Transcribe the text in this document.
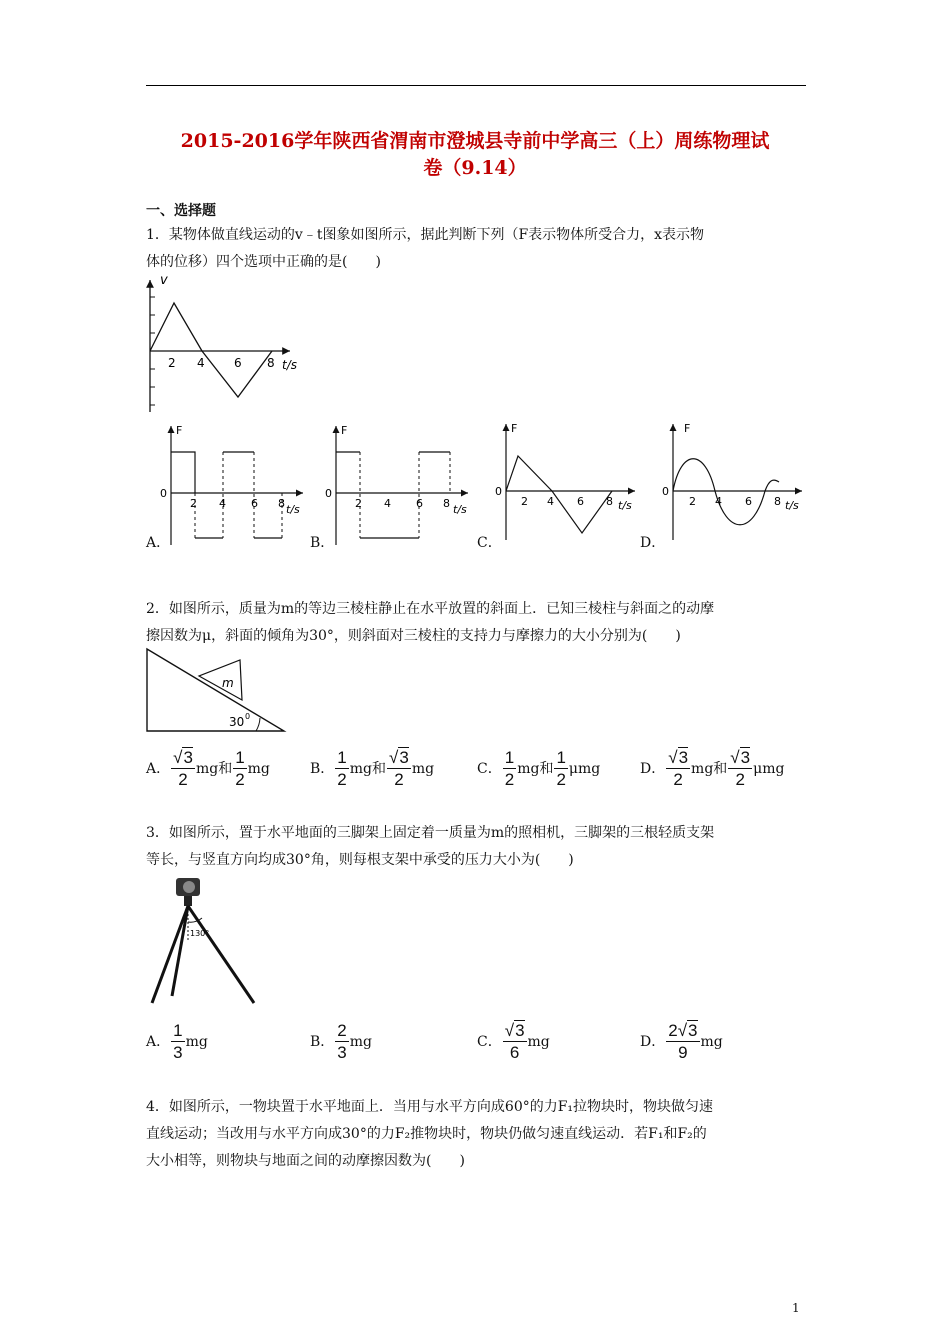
2015-2016学年陕西省渭南市澄城县寺前中学高三（上）周练物理试
卷（9.14）
一、选择题
1．某物体做直线运动的v﹣t图象如图所示，据此判断下列（F表示物体所受合力，x表示物
体的位移）四个选项中正确的是(　　)
v
2 4 6 8 t/s
A．
F
0
2 4 6 8 t/s
B．
F
0
2 4 6 8 t/s
C．
F
0
2 4 6 8 t/s
D．
F
0
2 4 6 8 t/s
2．如图所示，质量为m的等边三棱柱静止在水平放置的斜面上．已知三棱柱与斜面之的动摩
擦因数为μ，斜面的倾角为30°，则斜面对三棱柱的支持力与摩擦力的大小分别为(　　)
m
30 0
A． $\frac{√3}{2}$ mg和 $\frac{1}{2}$ mg	B． $\frac{1}{2}$ mg和 $\frac{√3}{2}$ mg	C． $\frac{1}{2}$ mg和 $\frac{1}{2}$ μmg	D． $\frac{√3}{2}$ mg和 $\frac{√3}{2}$ μmg
3．如图所示，置于水平地面的三脚架上固定着一质量为m的照相机，三脚架的三根轻质支架
等长，与竖直方向均成30°角，则每根支架中承受的压力大小为(　　)
130°
A． $\frac{1}{3}$ mg	B． $\frac{2}{3}$ mg	C． $\frac{√3}{6}$ mg	D． $\frac{2√3}{9}$ mg
4．如图所示，一物块置于水平地面上．当用与水平方向成60°的力F₁拉物块时，物块做匀速
直线运动；当改用与水平方向成30°的力F₂推物块时，物块仍做匀速直线运动．若F₁和F₂的
大小相等，则物块与地面之间的动摩擦因数为(　　)
1
